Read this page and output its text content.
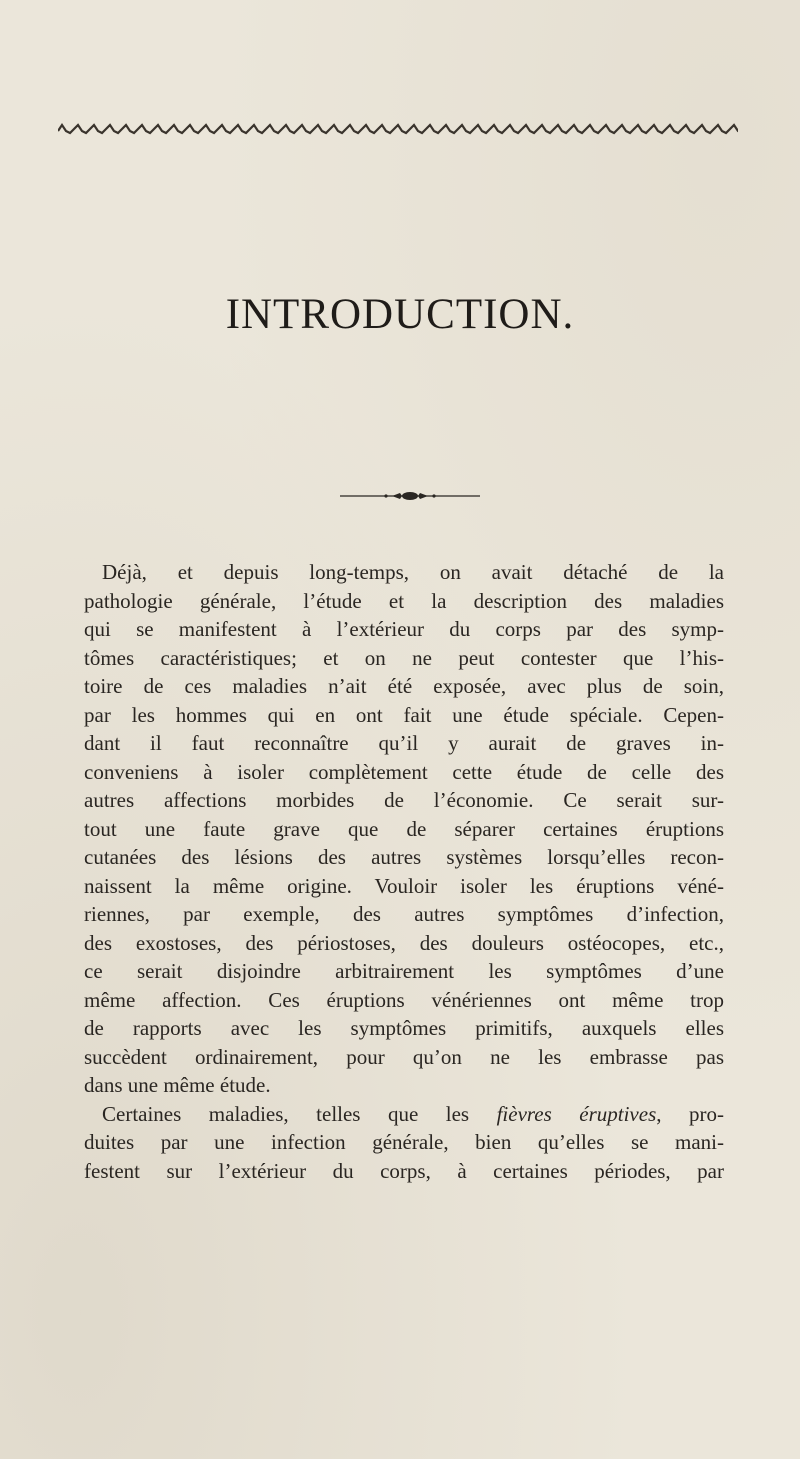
INTRODUCTION.
Déjà, et depuis long-temps, on avait détaché de la
pathologie générale, l’étude et la description des maladies
qui se manifestent à l’extérieur du corps par des symp-
tômes caractéristiques; et on ne peut contester que l’his-
toire de ces maladies n’ait été exposée, avec plus de soin,
par les hommes qui en ont fait une étude spéciale. Cepen-
dant il faut reconnaître qu’il y aurait de graves in-
conveniens à isoler complètement cette étude de celle des
autres affections morbides de l’économie. Ce serait sur-
tout une faute grave que de séparer certaines éruptions
cutanées des lésions des autres systèmes lorsqu’elles recon-
naissent la même origine. Vouloir isoler les éruptions véné-
riennes, par exemple, des autres symptômes d’infection,
des exostoses, des périostoses, des douleurs ostéocopes, etc.,
ce serait disjoindre arbitrairement les symptômes d’une
même affection. Ces éruptions vénériennes ont même trop
de rapports avec les symptômes primitifs, auxquels elles
succèdent ordinairement, pour qu’on ne les embrasse pas
dans une même étude.
Certaines maladies, telles que les fièvres éruptives, pro-
duites par une infection générale, bien qu’elles se mani-
festent sur l’extérieur du corps, à certaines périodes, par
